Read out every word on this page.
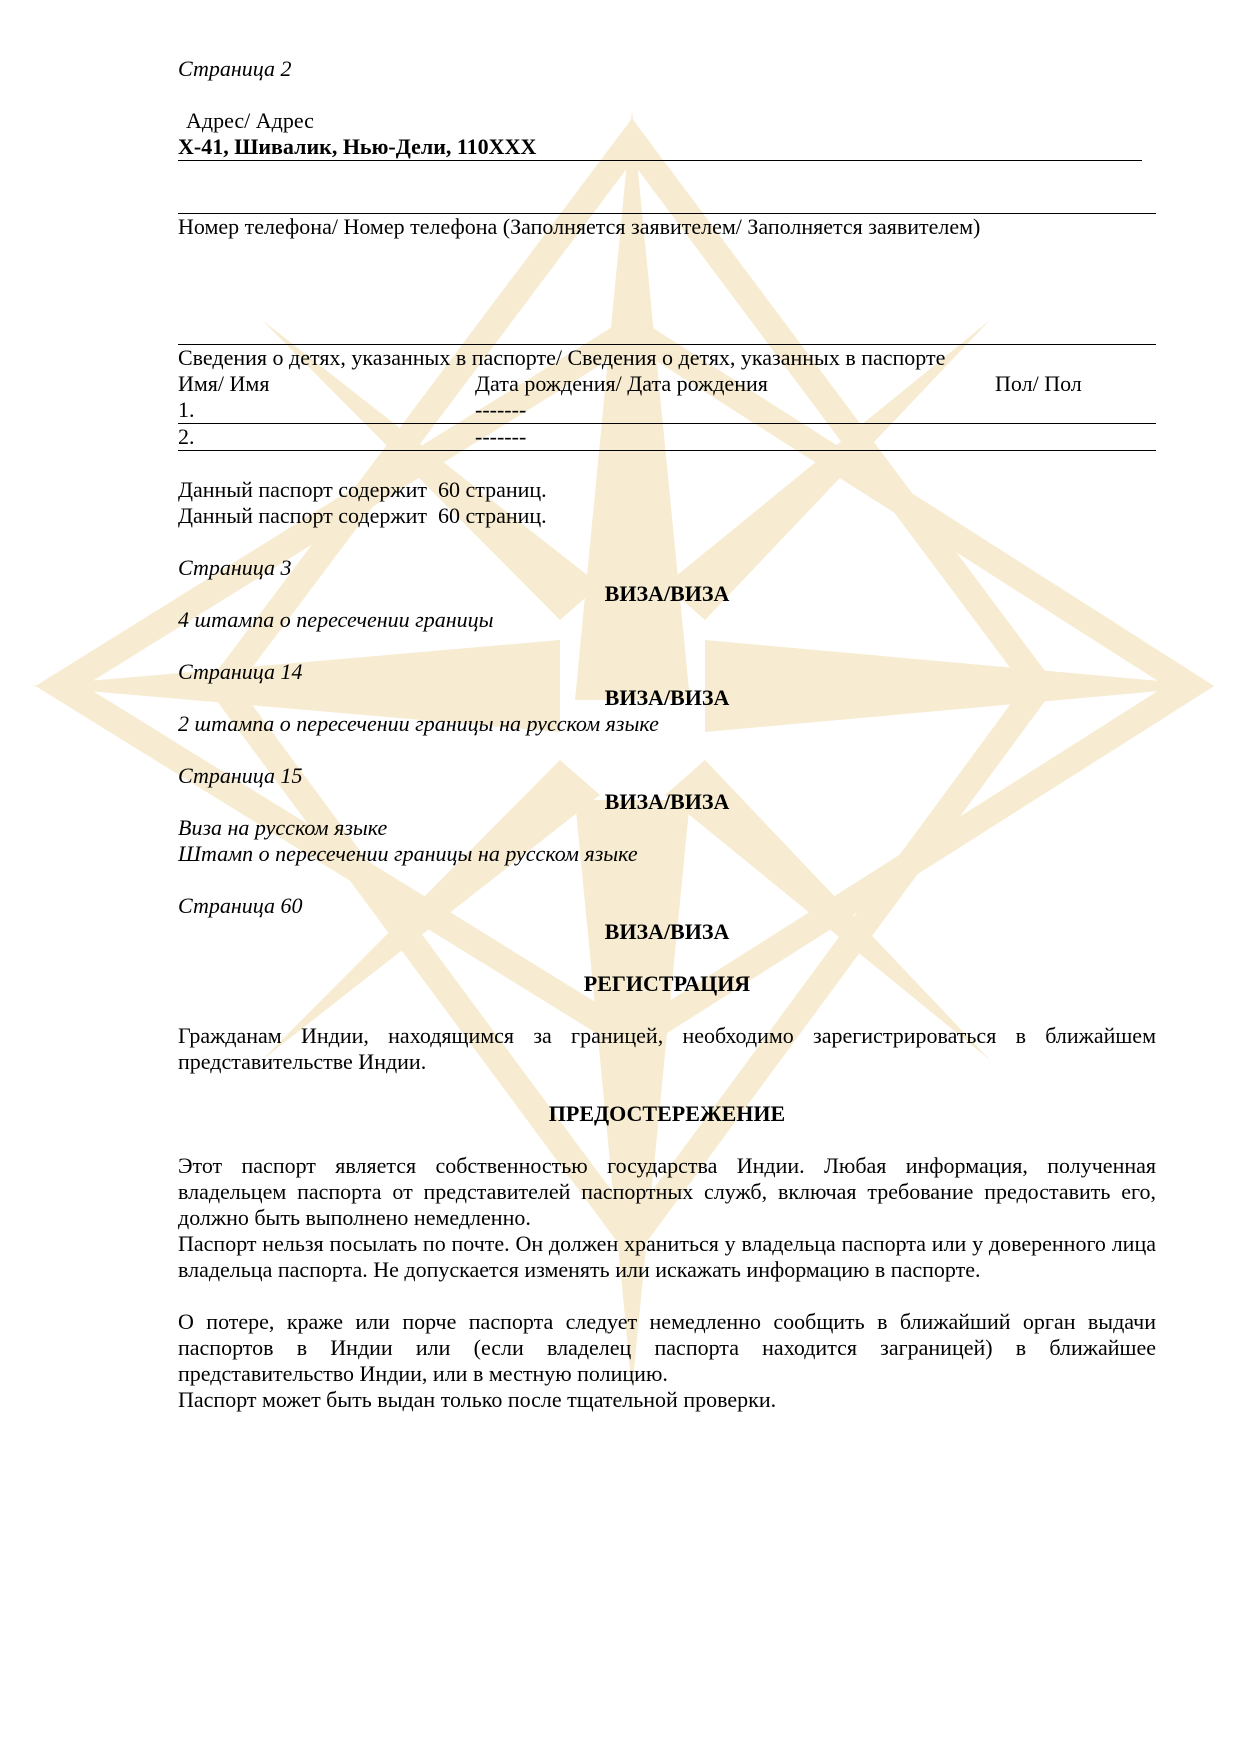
Страница 2

Адрес/ Адрес

X-41, Шивалик, Нью-Дели, 110XXX

Номер телефона/ Номер телефона (Заполняется заявителем/ Заполняется заявителем)

Сведения о детях, указанных в паспорте/ Сведения о детях, указанных в паспорте

Имя/ Имя	Дата рождения/ Дата рождения	Пол/ Пол
1.	-------
2.	-------

Данный паспорт содержит  60 страниц.

Данный паспорт содержит  60 страниц.

Страница 3

ВИЗА/ВИЗА

4 штампа о пересечении границы

Страница 14

ВИЗА/ВИЗА

2 штампа о пересечении границы на русском языке

Страница 15

ВИЗА/ВИЗА

Виза на русском языке

Штамп о пересечении границы на русском языке

Страница 60

ВИЗА/ВИЗА

РЕГИСТРАЦИЯ

Гражданам Индии, находящимся за границей, необходимо зарегистрироваться в ближайшем представительстве Индии.

ПРЕДОСТЕРЕЖЕНИЕ

Этот паспорт является собственностью государства Индии. Любая информация, полученная владельцем паспорта от представителей паспортных служб, включая требование предоставить его, должно быть выполнено немедленно.

Паспорт нельзя посылать по почте. Он должен храниться у владельца паспорта или у доверенного лица владельца паспорта. Не допускается изменять или искажать информацию в паспорте.

О потере, краже или порче паспорта следует немедленно сообщить в ближайший орган выдачи паспортов в Индии или (если владелец паспорта находится заграницей) в ближайшее представительство Индии, или в местную полицию.

Паспорт может быть выдан только после тщательной проверки.
